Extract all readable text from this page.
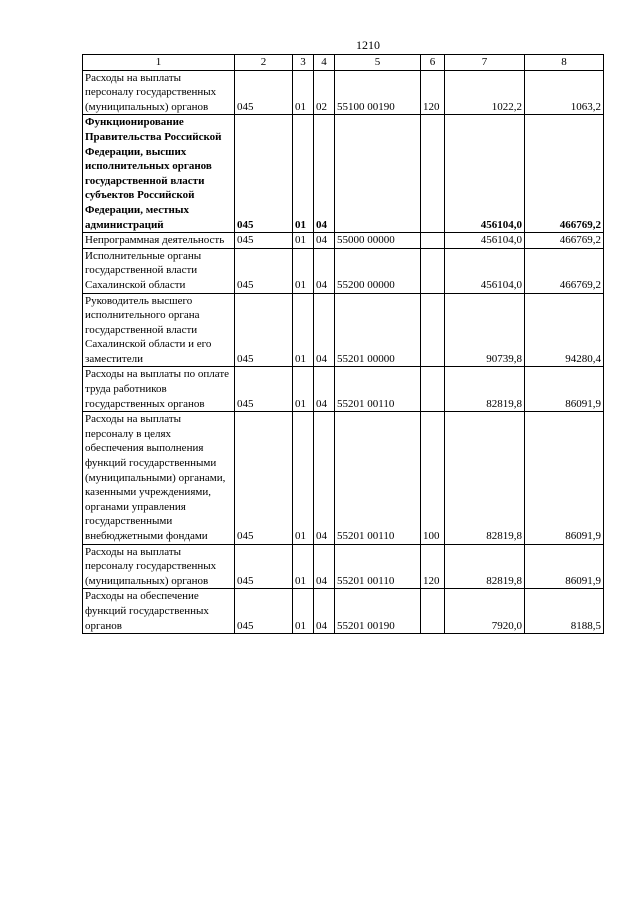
1210
1	2	3	4	5	6	7	8
Расходы на выплаты персоналу государственных (муниципальных) органов	045	01	02	55100 00190	120	1022,2	1063,2
Функционирование Правительства Российской Федерации, высших исполнительных органов государственной власти субъектов Российской Федерации, местных администраций	045	01	04			456104,0	466769,2
Непрограммная деятельность	045	01	04	55000 00000		456104,0	466769,2
Исполнительные органы государственной власти Сахалинской области	045	01	04	55200 00000		456104,0	466769,2
Руководитель высшего исполнительного органа государственной власти Сахалинской области и его заместители	045	01	04	55201 00000		90739,8	94280,4
Расходы на выплаты по оплате труда работников государственных органов	045	01	04	55201 00110		82819,8	86091,9
Расходы на выплаты персоналу в целях обеспечения выполнения функций государственными (муниципальными) органами, казенными учреждениями, органами управления государственными внебюджетными фондами	045	01	04	55201 00110	100	82819,8	86091,9
Расходы на выплаты персоналу государственных (муниципальных) органов	045	01	04	55201 00110	120	82819,8	86091,9
Расходы на обеспечение функций государственных органов	045	01	04	55201 00190		7920,0	8188,5
